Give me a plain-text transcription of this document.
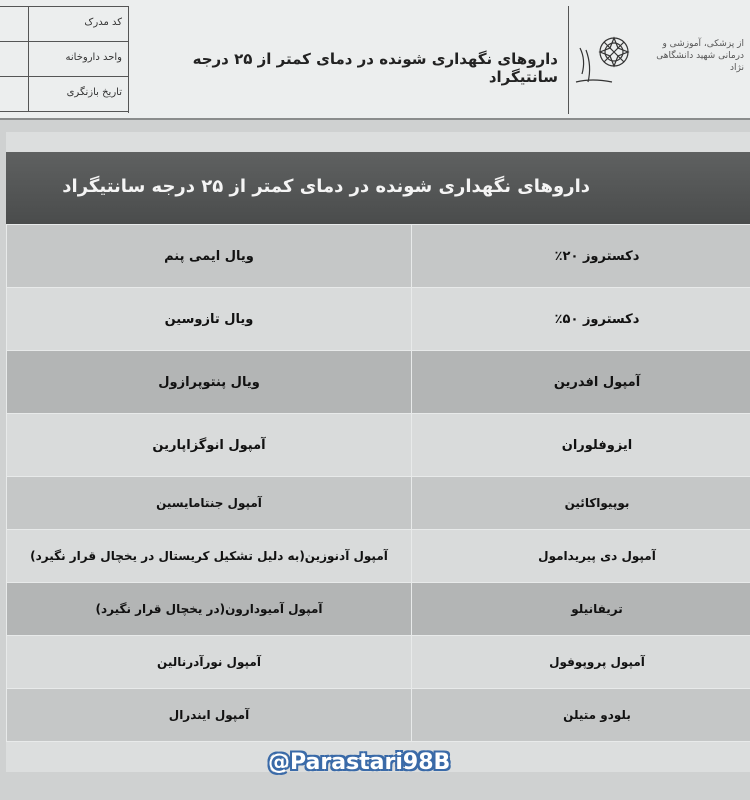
کد مدرک
واحد داروخانه
تاریخ بازنگری
داروهای نگهداری شونده در دمای کمتر از ۲۵ درجه سانتیگراد
از پزشکی، آموزشی و درمانی شهید دانشگاهی نژاد
داروهای نگهداری شونده در دمای کمتر از ۲۵ درجه سانتیگراد
ویال ایمی پنم	دکستروز ۲۰٪
ویال تازوسین	دکستروز ۵۰٪
ویال پنتوپرازول	آمپول افدرین
آمپول انوگزاپارین	ایزوفلوران
آمپول جنتامایسین	بوپیواکائین
آمپول آدنوزین(به دلیل تشکیل کریستال در یخچال قرار نگیرد)	آمپول دی پیریدامول
آمپول آمیودارون(در یخچال قرار نگیرد)	تریفانیلو
آمپول نورآدرنالین	آمپول پروپوفول
آمپول ایندرال	بلودو متیلن
@Parastari98B
